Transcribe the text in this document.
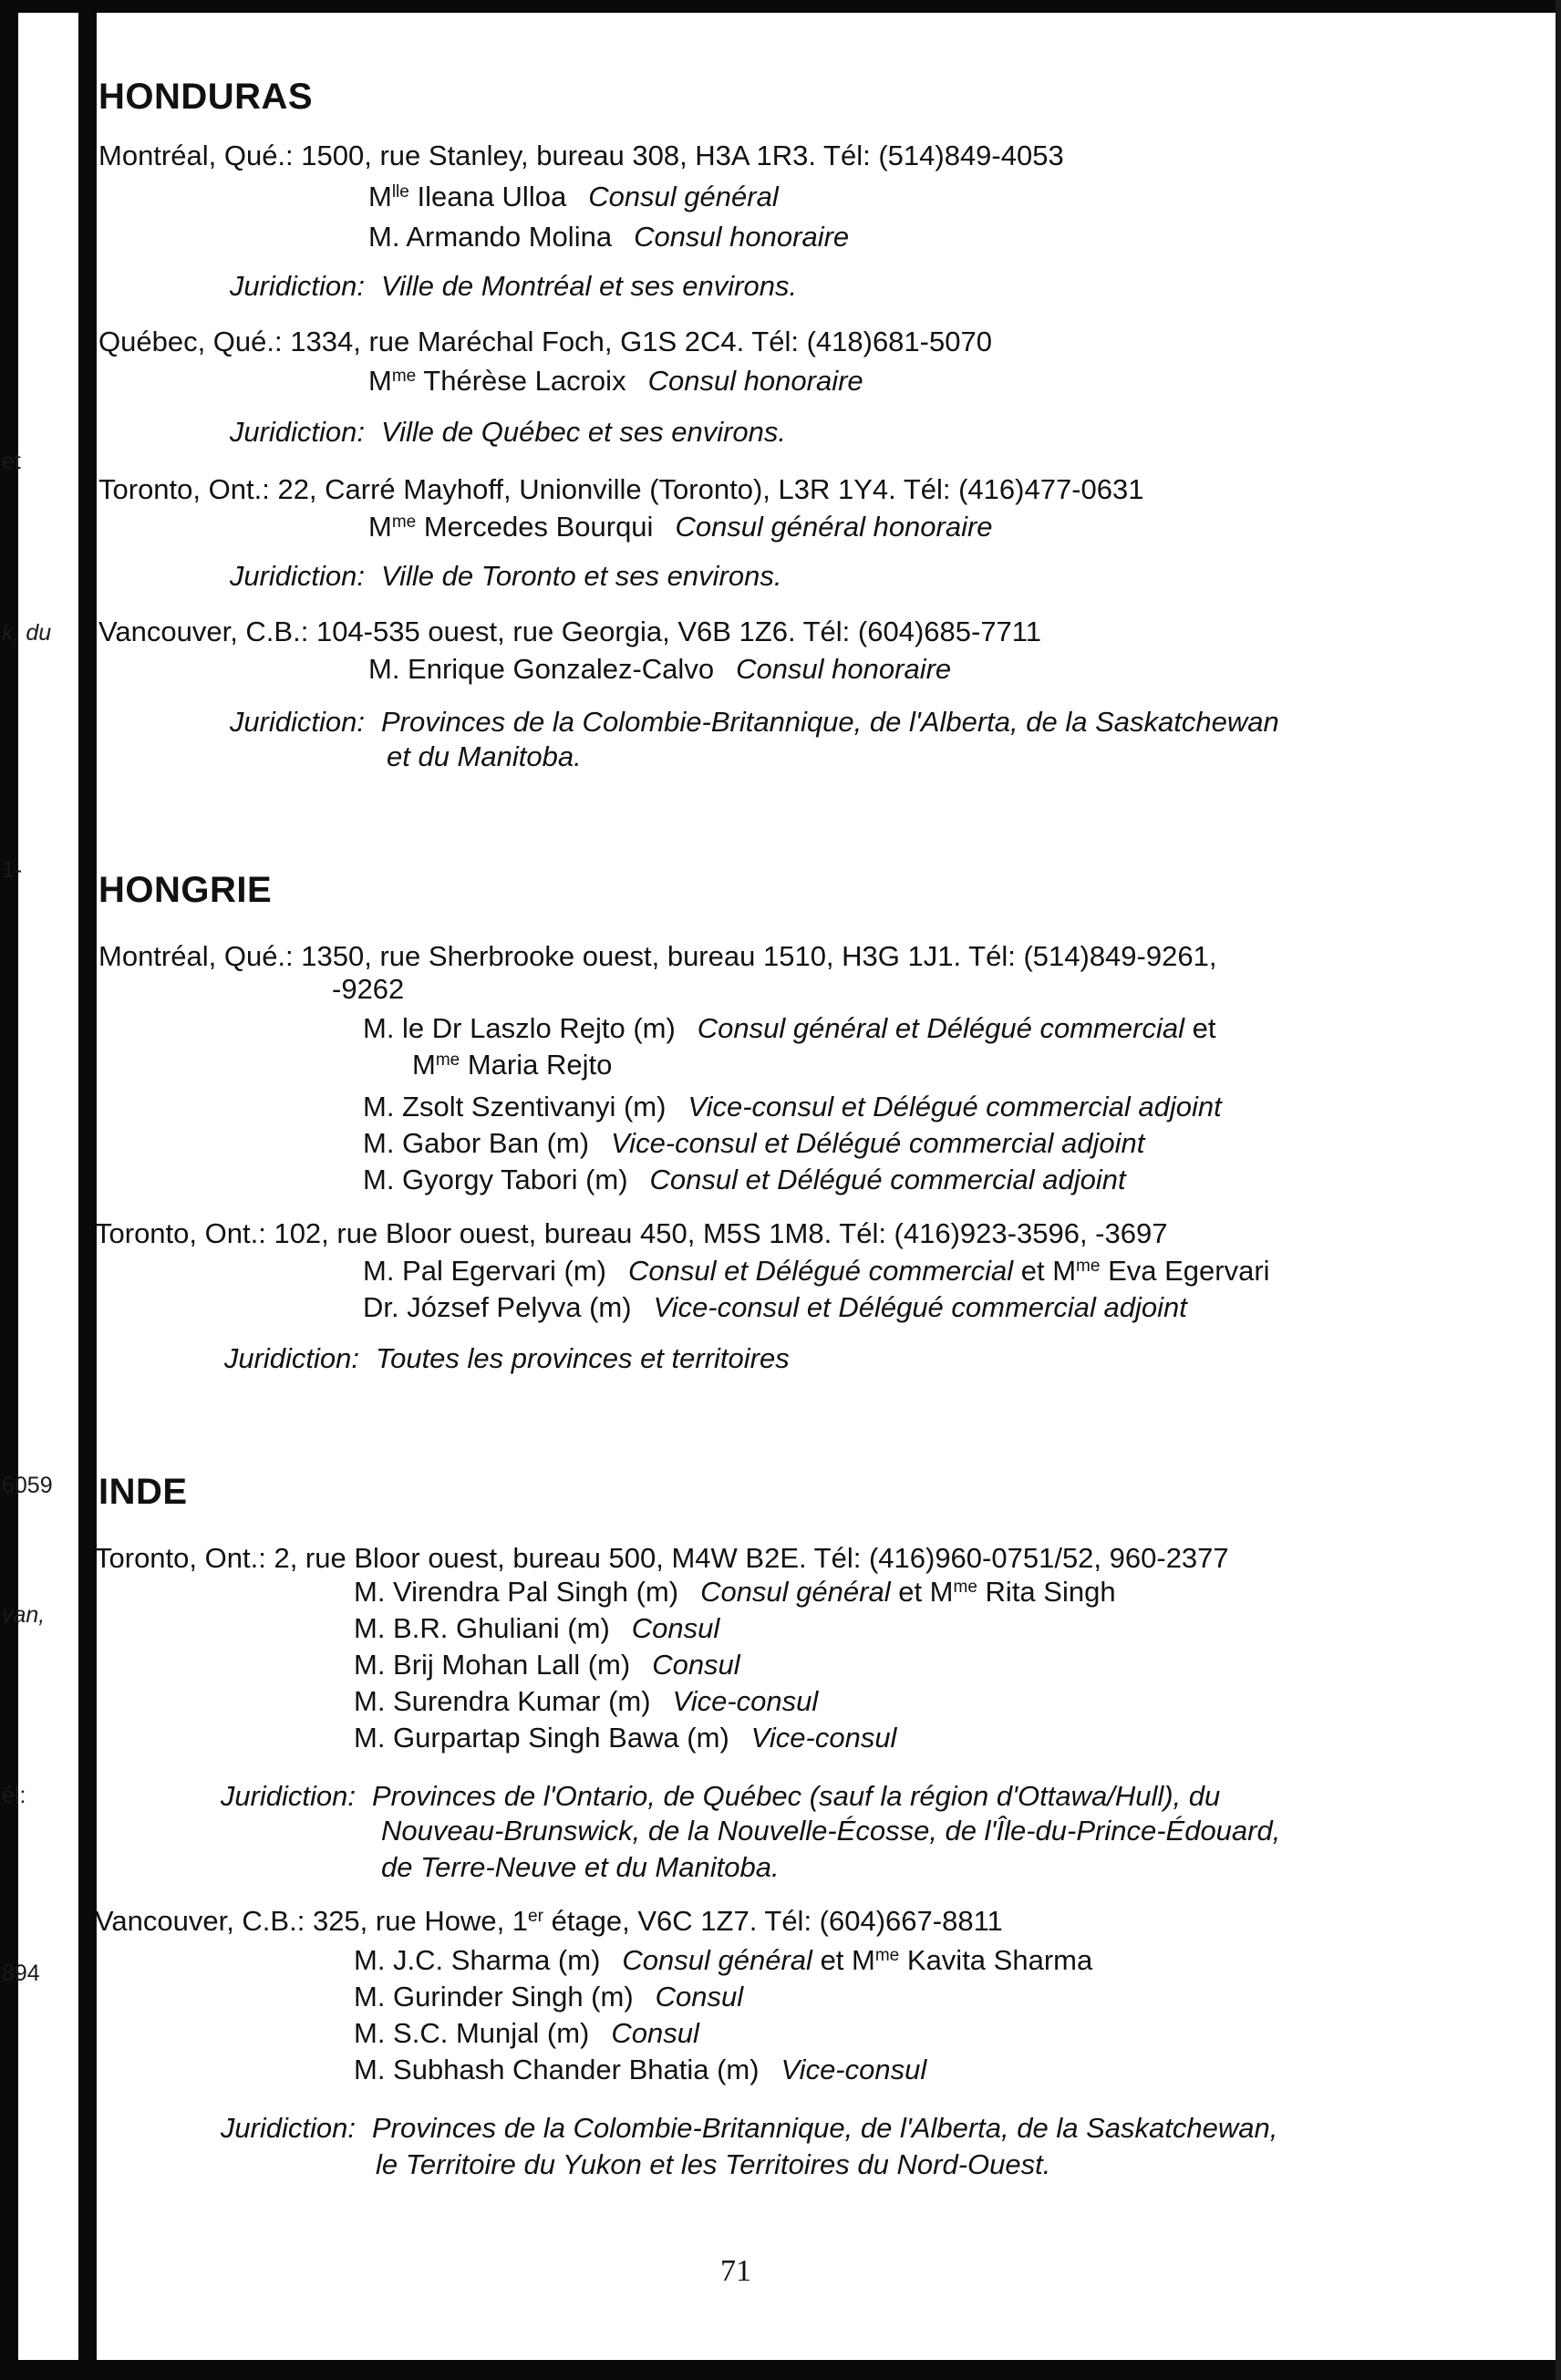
et
k, du
1-
6059
van,
él:
894
HONDURAS
Montréal, Qué.: 1500, rue Stanley, bureau 308, H3A 1R3. Tél: (514)849-4053
$M^{lle}$ Ileana Ulloa Consul général
M. Armando Molina Consul honoraire
Juridiction: Ville de Montréal et ses environs.
Québec, Qué.: 1334, rue Maréchal Foch, G1S 2C4. Tél: (418)681-5070
$M^{me}$ Thérèse Lacroix Consul honoraire
Juridiction: Ville de Québec et ses environs.
Toronto, Ont.: 22, Carré Mayhoff, Unionville (Toronto), L3R 1Y4. Tél: (416)477-0631
$M^{me}$ Mercedes Bourqui Consul général honoraire
Juridiction: Ville de Toronto et ses environs.
Vancouver, C.B.: 104-535 ouest, rue Georgia, V6B 1Z6. Tél: (604)685-7711
M. Enrique Gonzalez-Calvo Consul honoraire
Juridiction: Provinces de la Colombie-Britannique, de l'Alberta, de la Saskatchewan
et du Manitoba.
HONGRIE
Montréal, Qué.: 1350, rue Sherbrooke ouest, bureau 1510, H3G 1J1. Tél: (514)849-9261,
-9262
M. le Dr Laszlo Rejto (m) Consul général et Délégué commercial et
$M^{me}$ Maria Rejto
M. Zsolt Szentivanyi (m) Vice-consul et Délégué commercial adjoint
M. Gabor Ban (m) Vice-consul et Délégué commercial adjoint
M. Gyorgy Tabori (m) Consul et Délégué commercial adjoint
Toronto, Ont.: 102, rue Bloor ouest, bureau 450, M5S 1M8. Tél: (416)923-3596, -3697
M. Pal Egervari (m) Consul et Délégué commercial et $M^{me}$ Eva Egervari
Dr. József Pelyva (m) Vice-consul et Délégué commercial adjoint
Juridiction: Toutes les provinces et territoires
INDE
Toronto, Ont.: 2, rue Bloor ouest, bureau 500, M4W B2E. Tél: (416)960-0751/52, 960-2377
M. Virendra Pal Singh (m) Consul général et $M^{me}$ Rita Singh
M. B.R. Ghuliani (m) Consul
M. Brij Mohan Lall (m) Consul
M. Surendra Kumar (m) Vice-consul
M. Gurpartap Singh Bawa (m) Vice-consul
Juridiction: Provinces de l'Ontario, de Québec (sauf la région d'Ottawa/Hull), du
Nouveau-Brunswick, de la Nouvelle-Écosse, de l'Île-du-Prince-Édouard,
de Terre-Neuve et du Manitoba.
Vancouver, C.B.: 325, rue Howe, 1er étage, V6C 1Z7. Tél: (604)667-8811
M. J.C. Sharma (m) Consul général et $M^{me}$ Kavita Sharma
M. Gurinder Singh (m) Consul
M. S.C. Munjal (m) Consul
M. Subhash Chander Bhatia (m) Vice-consul
Juridiction: Provinces de la Colombie-Britannique, de l'Alberta, de la Saskatchewan,
le Territoire du Yukon et les Territoires du Nord-Ouest.
71
